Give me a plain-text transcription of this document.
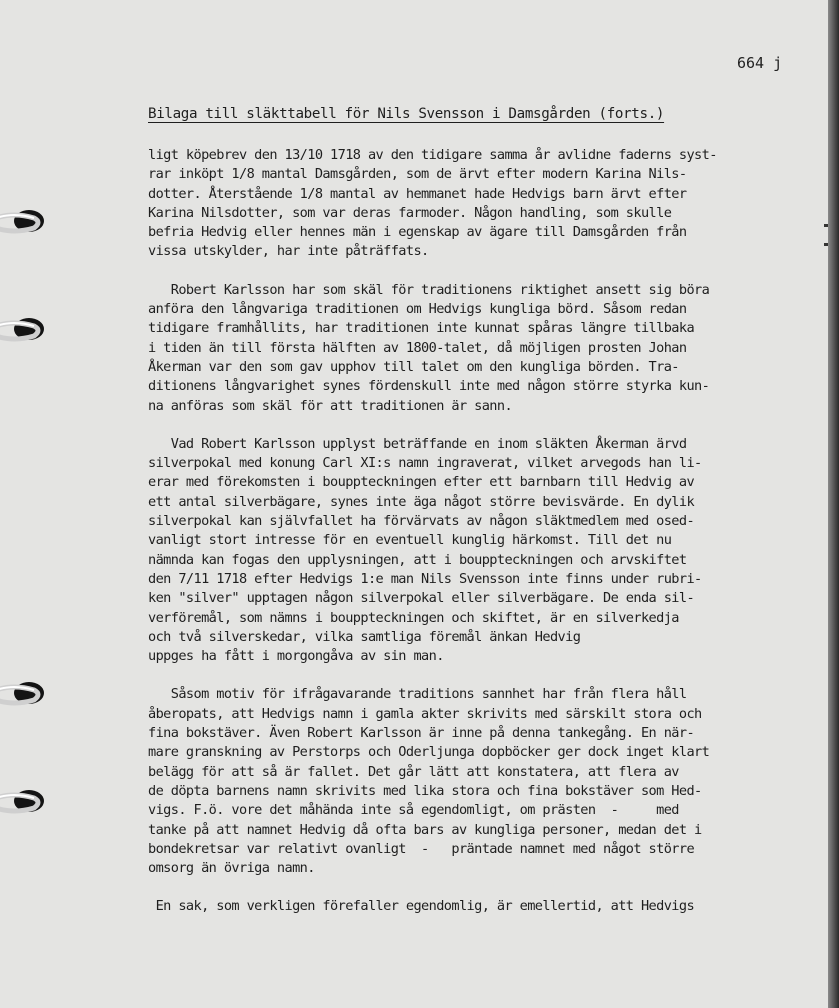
664 j
Bilaga till släkttabell för Nils Svensson i Damsgården (forts.)
ligt köpebrev den 13/10 1718 av den tidigare samma år avlidne faderns syst-
rar inköpt 1/8 mantal Damsgården, som de ärvt efter modern Karina Nils-
dotter. Återstående 1/8 mantal av hemmanet hade Hedvigs barn ärvt efter
Karina Nilsdotter, som var deras farmoder. Någon handling, som skulle
befria Hedvig eller hennes män i egenskap av ägare till Damsgården från
vissa utskylder, har inte påträffats.
Robert Karlsson har som skäl för traditionens riktighet ansett sig böra
anföra den långvariga traditionen om Hedvigs kungliga börd. Såsom redan
tidigare framhållits, har traditionen inte kunnat spåras längre tillbaka
i tiden än till första hälften av 1800-talet, då möjligen prosten Johan
Åkerman var den som gav upphov till talet om den kungliga börden. Tra-
ditionens långvarighet synes fördenskull inte med någon större styrka kun-
na anföras som skäl för att traditionen är sann.
Vad Robert Karlsson upplyst beträffande en inom släkten Åkerman ärvd
silverpokal med konung Carl XI:s namn ingraverat, vilket arvegods han li-
erar med förekomsten i bouppteckningen efter ett barnbarn till Hedvig av
ett antal silverbägare, synes inte äga något större bevisvärde. En dylik
silverpokal kan självfallet ha förvärvats av någon släktmedlem med osed-
vanligt stort intresse för en eventuell kunglig härkomst. Till det nu
nämnda kan fogas den upplysningen, att i bouppteckningen och arvskiftet
den 7/11 1718 efter Hedvigs 1:e man Nils Svensson inte finns under rubri-
ken "silver" upptagen någon silverpokal eller silverbägare. De enda sil-
verföremål, som nämns i bouppteckningen och skiftet, är en silverkedja
och två silverskedar, vilka samtliga föremål änkan Hedvig
uppges ha fått i morgongåva av sin man.
Såsom motiv för ifrågavarande traditions sannhet har från flera håll
åberopats, att Hedvigs namn i gamla akter skrivits med särskilt stora och
fina bokstäver. Även Robert Karlsson är inne på denna tankegång. En när-
mare granskning av Perstorps och Oderljunga dopböcker ger dock inget klart
belägg för att så är fallet. Det går lätt att konstatera, att flera av
de döpta barnens namn skrivits med lika stora och fina bokstäver som Hed-
vigs. F.ö. vore det måhända inte så egendomligt, om prästen  -     med
tanke på att namnet Hedvig då ofta bars av kungliga personer, medan det i
bondekretsar var relativt ovanligt  -   präntade namnet med något större
omsorg än övriga namn.
En sak, som verkligen förefaller egendomlig, är emellertid, att Hedvigs
